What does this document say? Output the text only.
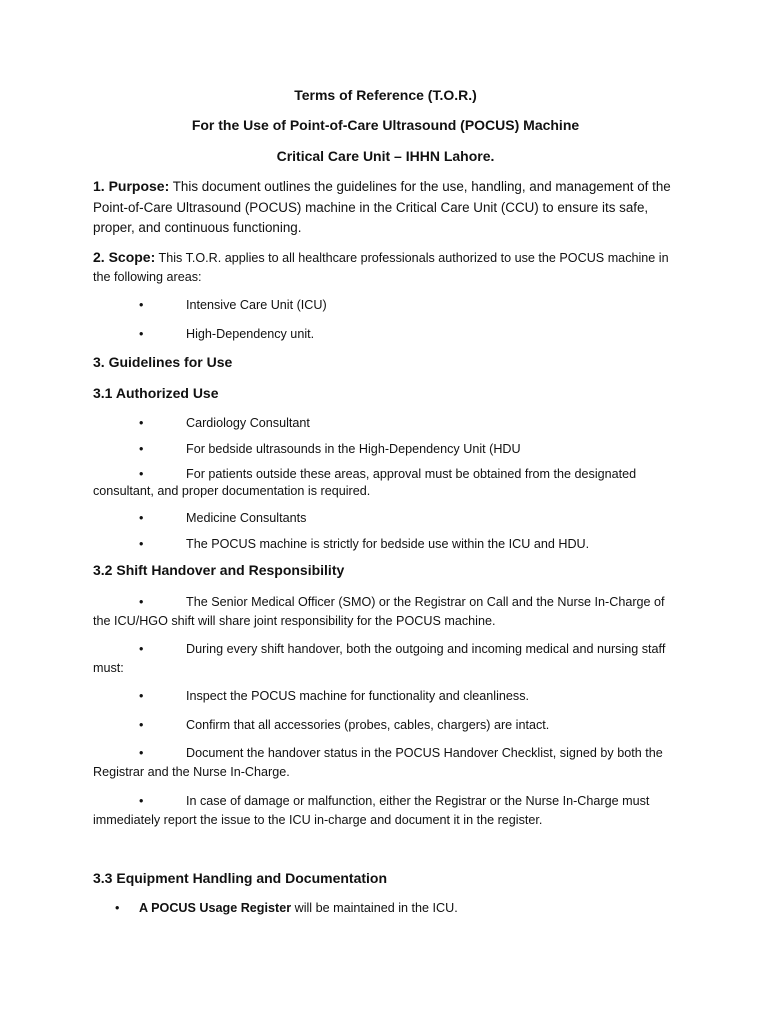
Terms of Reference (T.O.R.)
For the Use of Point-of-Care Ultrasound (POCUS) Machine
Critical Care Unit – IHHN Lahore.
1. Purpose: This document outlines the guidelines for the use, handling, and management of the Point-of-Care Ultrasound (POCUS) machine in the Critical Care Unit (CCU) to ensure its safe, proper, and continuous functioning.
2. Scope: This T.O.R. applies to all healthcare professionals authorized to use the POCUS machine in the following areas:
•	Intensive Care Unit (ICU)
•	High-Dependency unit.
3. Guidelines for Use
3.1 Authorized Use
•	Cardiology Consultant
•	For bedside ultrasounds in the High-Dependency Unit (HDU
•	For patients outside these areas, approval must be obtained from the designated consultant, and proper documentation is required.
•	Medicine Consultants
•	The POCUS machine is strictly for bedside use within the ICU and HDU.
3.2 Shift Handover and Responsibility
•	The Senior Medical Officer (SMO) or the Registrar on Call and the Nurse In-Charge of the ICU/HGO shift will share joint responsibility for the POCUS machine.
•	During every shift handover, both the outgoing and incoming medical and nursing staff must:
•	Inspect the POCUS machine for functionality and cleanliness.
•	Confirm that all accessories (probes, cables, chargers) are intact.
•	Document the handover status in the POCUS Handover Checklist, signed by both the Registrar and the Nurse In-Charge.
•	In case of damage or malfunction, either the Registrar or the Nurse In-Charge must immediately report the issue to the ICU in-charge and document it in the register.
3.3 Equipment Handling and Documentation
•	A POCUS Usage Register will be maintained in the ICU.
